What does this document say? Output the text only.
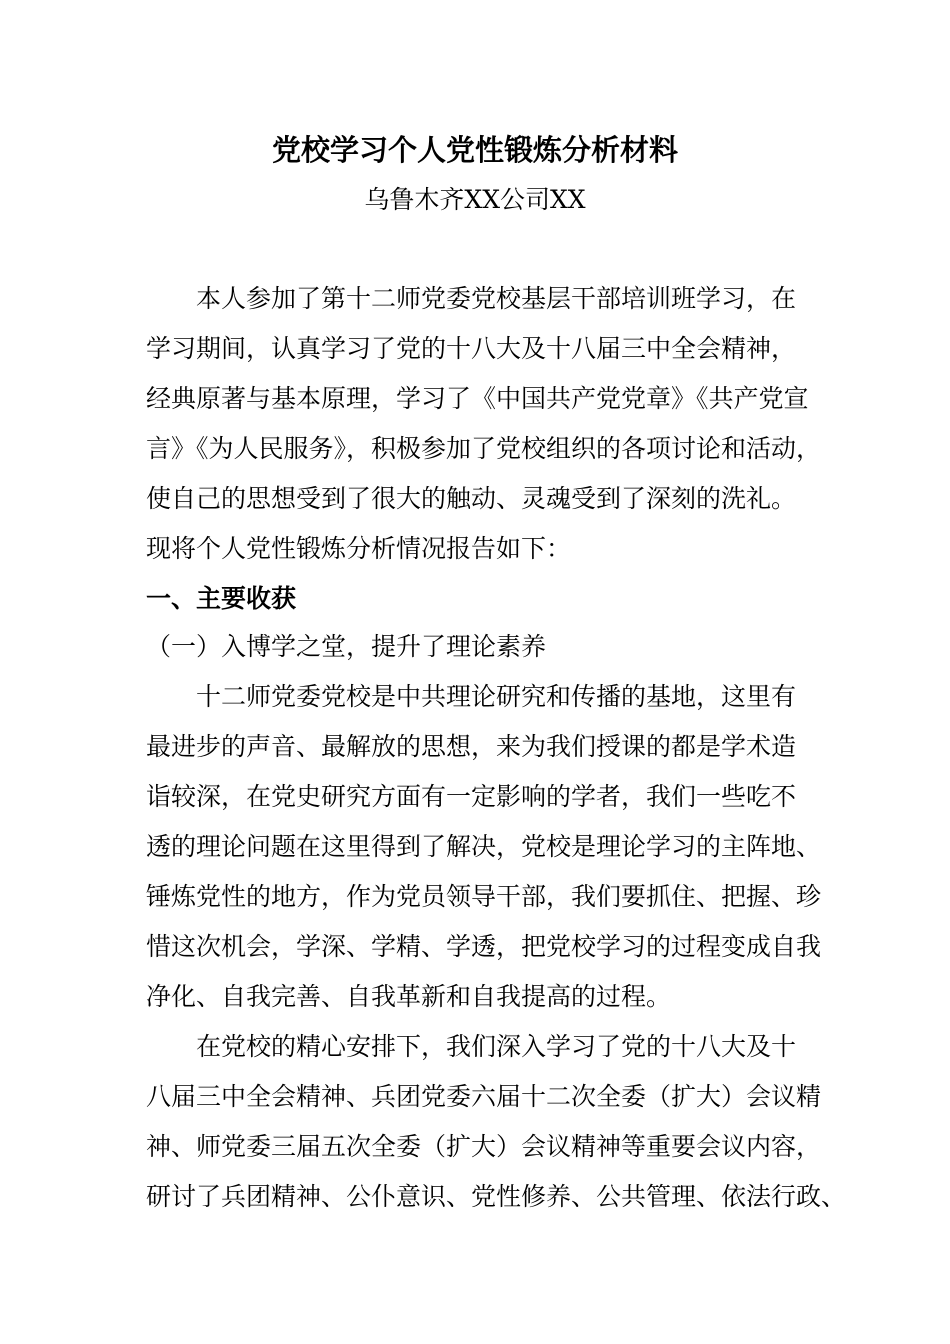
党校学习个人党性锻炼分析材料
乌鲁木齐XX公司XX
本人参加了第十二师党委党校基层干部培训班学习，在
学习期间，认真学习了党的十八大及十八届三中全会精神，
经典原著与基本原理，学习了《中国共产党党章》《共产党宣
言》《为人民服务》，积极参加了党校组织的各项讨论和活动，
使自己的思想受到了很大的触动、灵魂受到了深刻的洗礼。
现将个人党性锻炼分析情况报告如下：
一、主要收获
（一）入博学之堂，提升了理论素养
十二师党委党校是中共理论研究和传播的基地，这里有
最进步的声音、最解放的思想，来为我们授课的都是学术造
诣较深，在党史研究方面有一定影响的学者，我们一些吃不
透的理论问题在这里得到了解决，党校是理论学习的主阵地、
锤炼党性的地方，作为党员领导干部，我们要抓住、把握、珍
惜这次机会，学深、学精、学透，把党校学习的过程变成自我
净化、自我完善、自我革新和自我提高的过程。
在党校的精心安排下，我们深入学习了党的十八大及十
八届三中全会精神、兵团党委六届十二次全委（扩大）会议精
神、师党委三届五次全委（扩大）会议精神等重要会议内容，
研讨了兵团精神、公仆意识、党性修养、公共管理、依法行政、
